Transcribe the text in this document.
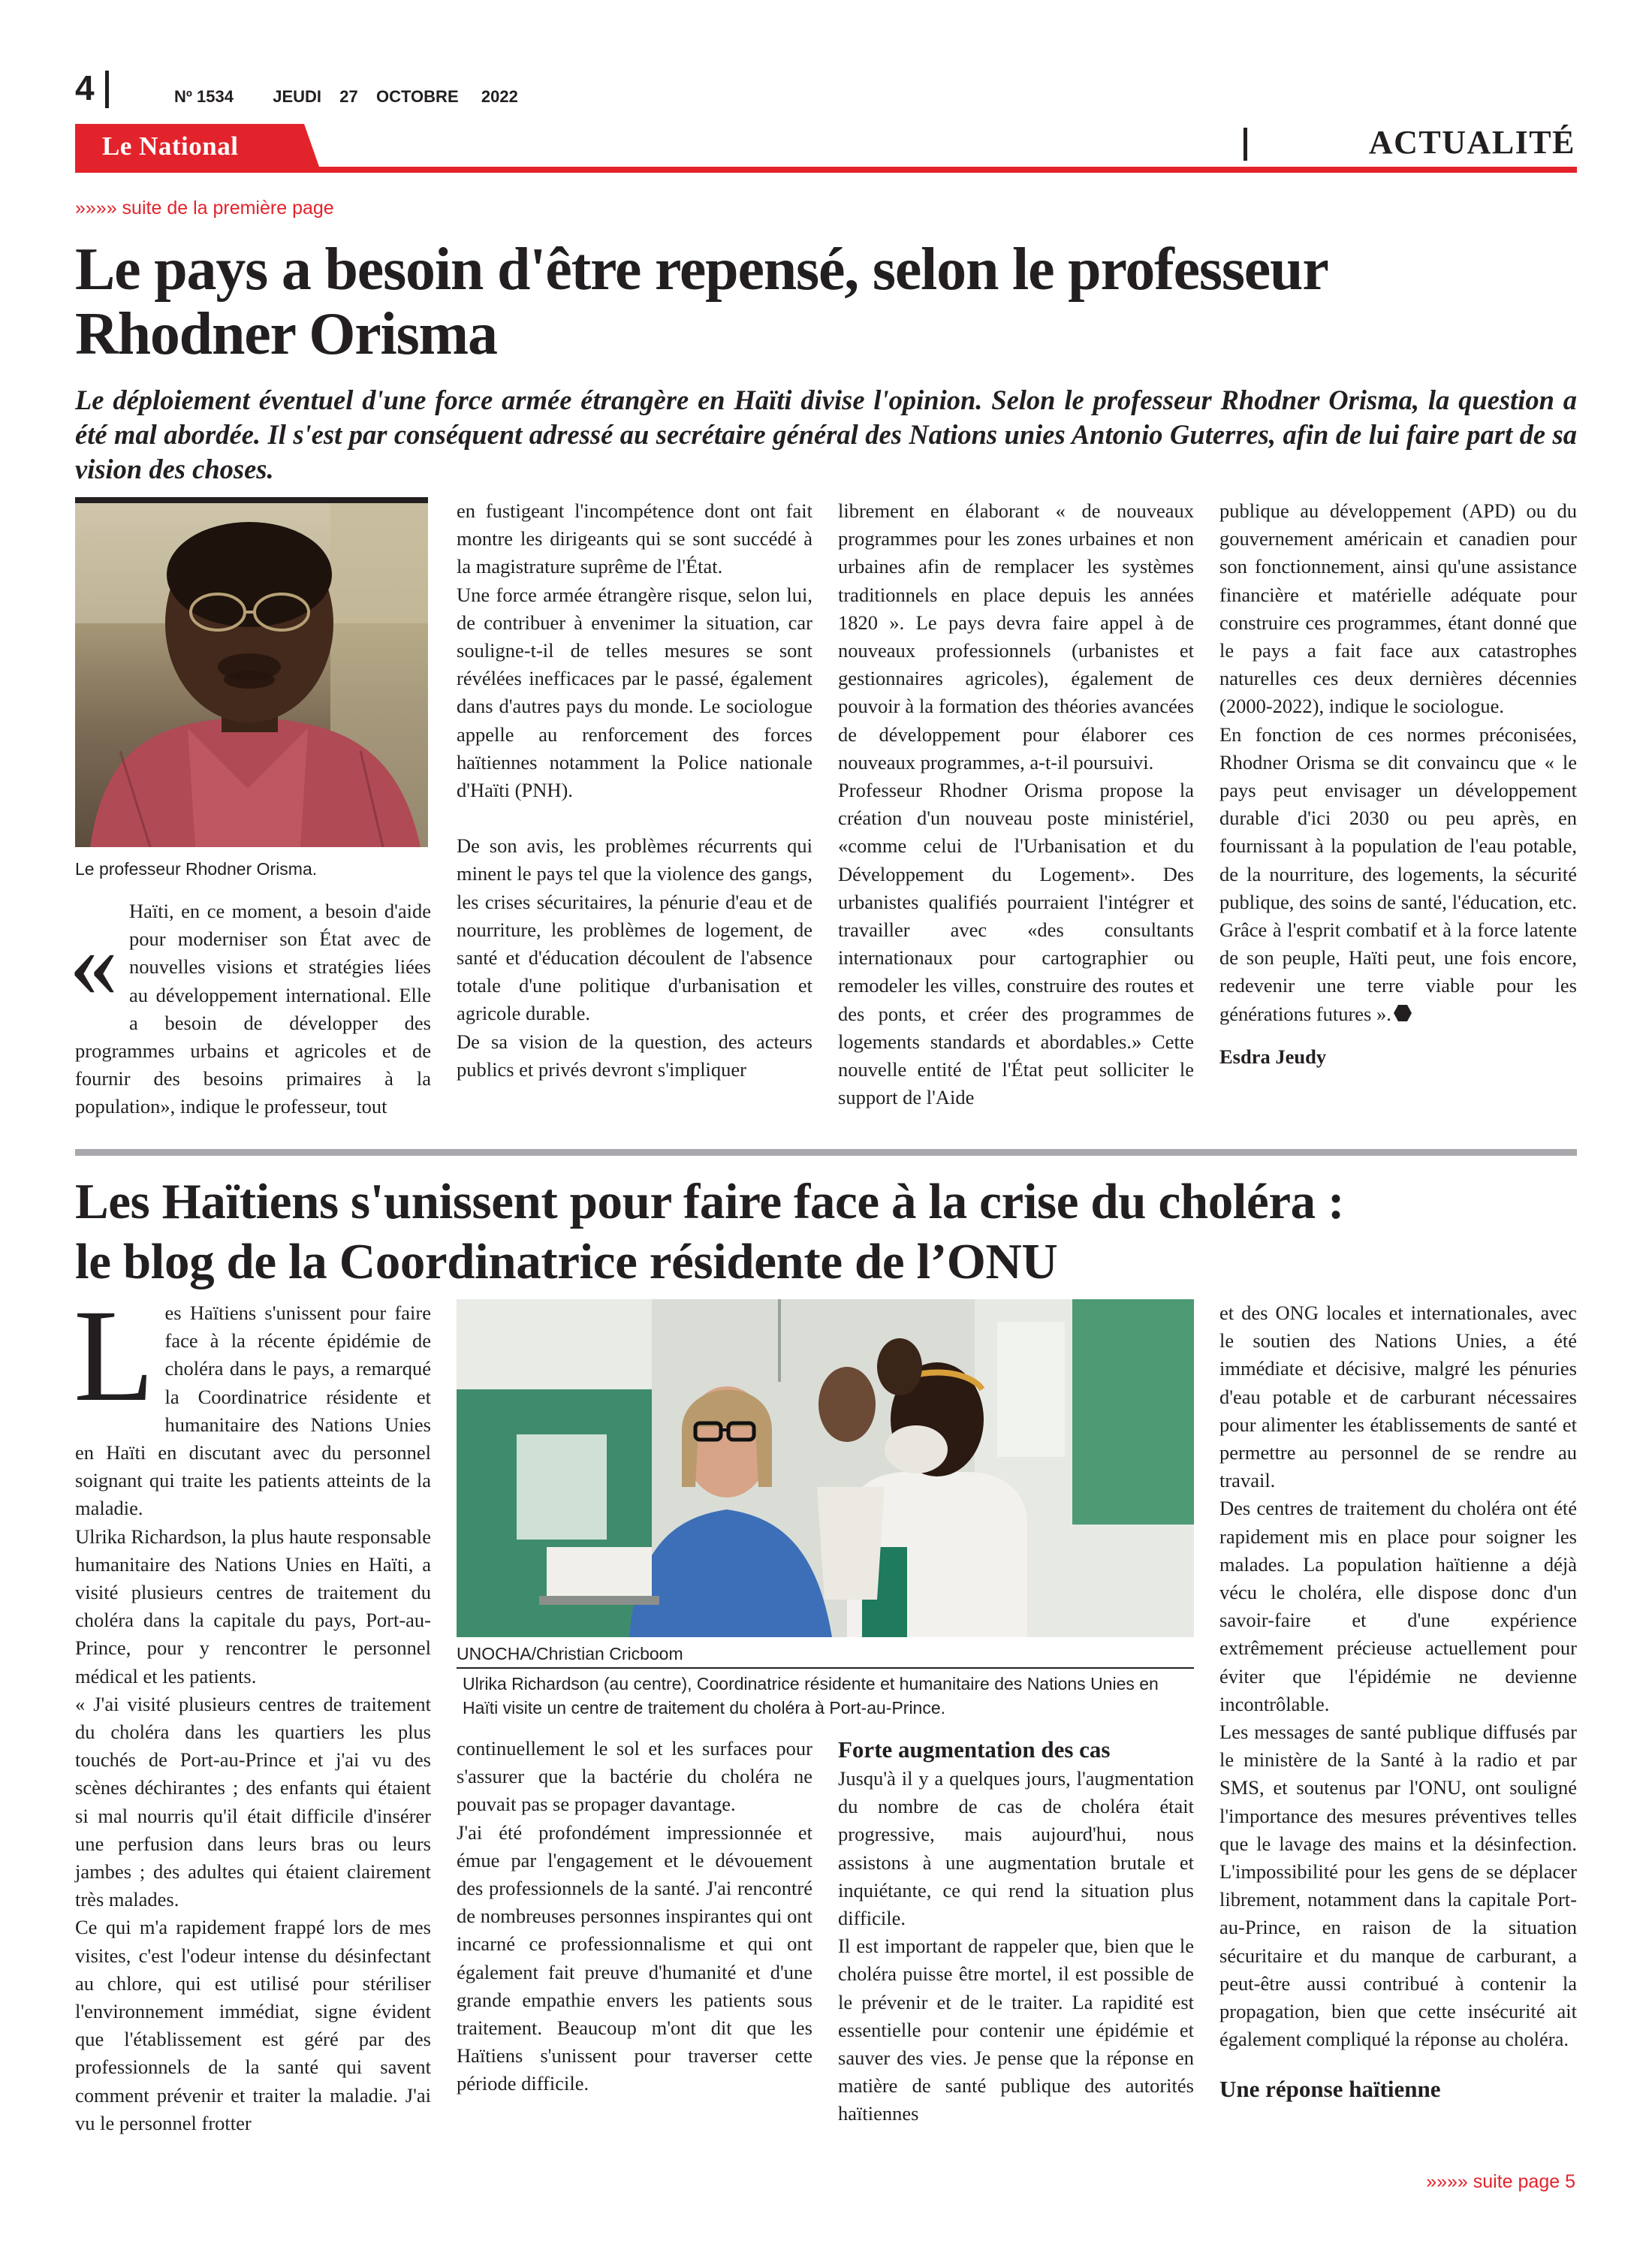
4	Nº 1534 JEUDI 27 OCTOBRE 2022
Le National	ACTUALITÉ
»»»» suite de la première page
Le pays a besoin d'être repensé, selon le professeur
Rhodner Orisma
Le déploiement éventuel d'une force armée étrangère en Haïti divise l'opinion. Selon le professeur Rhodner Orisma, la question a été mal abordée. Il s'est par conséquent adressé au secrétaire général des Nations unies Antonio Guterres, afin de lui faire part de sa vision des choses.
Le professeur Rhodner Orisma.
« Haïti, en ce moment, a besoin d'aide pour moderniser son État avec de nouvelles visions et stratégies liées au développement international. Elle a besoin de développer des programmes urbains et agricoles et de fournir des besoins primaires à la population», indique le professeur, tout

en fustigeant l'incompétence dont ont fait montre les dirigeants qui se sont succédé à la magistrature suprême de l'État.

Une force armée étrangère risque, selon lui, de contribuer à envenimer la situation, car souligne-t-il de telles mesures se sont révélées inefficaces par le passé, également dans d'autres pays du monde. Le sociologue appelle au renforcement des forces haïtiennes notamment la Police nationale d'Haïti (PNH).

De son avis, les problèmes récurrents qui minent le pays tel que la violence des gangs, les crises sécuritaires, la pénurie d'eau et de nourriture, les problèmes de logement, de santé et d'éducation découlent de l'absence totale d'une politique d'urbanisation et agricole durable.

De sa vision de la question, des acteurs publics et privés devront s'impliquer

librement en élaborant « de nouveaux programmes pour les zones urbaines et non urbaines afin de remplacer les systèmes traditionnels en place depuis les années 1820 ». Le pays devra faire appel à de nouveaux professionnels (urbanistes et gestionnaires agricoles), également de pouvoir à la formation des théories avancées de développement pour élaborer ces nouveaux programmes, a-t-il poursuivi.

Professeur Rhodner Orisma propose la création d'un nouveau poste ministériel, «comme celui de l'Urbanisation et du Développement du Logement». Des urbanistes qualifiés pourraient l'intégrer et travailler avec «des consultants internationaux pour cartographier ou remodeler les villes, construire des routes et des ponts, et créer des programmes de logements standards et abordables.» Cette nouvelle entité de l'État peut solliciter le support de l'Aide

publique au développement (APD) ou du gouvernement américain et canadien pour son fonctionnement, ainsi qu'une assistance financière et matérielle adéquate pour construire ces programmes, étant donné que le pays a fait face aux catastrophes naturelles ces deux dernières décennies (2000-2022), indique le sociologue.

En fonction de ces normes préconisées, Rhodner Orisma se dit convaincu que « le pays peut envisager un développement durable d'ici 2030 ou peu après, en fournissant à la population de l'eau potable, de la nourriture, des logements, la sécurité publique, des soins de santé, l'éducation, etc. Grâce à l'esprit combatif et à la force latente de son peuple, Haïti peut, une fois encore, redevenir une terre viable pour les générations futures ».

Esdra Jeudy

Les Haïtiens s'unissent pour faire face à la crise du choléra :
le blog de la Coordinatrice résidente de l’ONU
L es Haïtiens s'unissent pour faire face à la récente épidémie de choléra dans le pays, a remarqué la Coordinatrice résidente et humanitaire des Nations Unies en Haïti en discutant avec du personnel soignant qui traite les patients atteints de la maladie.

Ulrika Richardson, la plus haute responsable humanitaire des Nations Unies en Haïti, a visité plusieurs centres de traitement du choléra dans la capitale du pays, Port-au-Prince, pour y rencontrer le personnel médical et les patients.

« J'ai visité plusieurs centres de traitement du choléra dans les quartiers les plus touchés de Port-au-Prince et j'ai vu des scènes déchirantes ; des enfants qui étaient si mal nourris qu'il était difficile d'insérer une perfusion dans leurs bras ou leurs jambes ; des adultes qui étaient clairement très malades.

Ce qui m'a rapidement frappé lors de mes visites, c'est l'odeur intense du désinfectant au chlore, qui est utilisé pour stériliser l'environnement immédiat, signe évident que l'établissement est géré par des professionnels de la santé qui savent comment prévenir et traiter la maladie. J'ai vu le personnel frotter

UNOCHA/Christian Cricboom
Ulrika Richardson (au centre), Coordinatrice résidente et humanitaire des Nations Unies en Haïti visite un centre de traitement du choléra à Port-au-Prince.

continuellement le sol et les surfaces pour s'assurer que la bactérie du choléra ne pouvait pas se propager davantage.

J'ai été profondément impressionnée et émue par l'engagement et le dévouement des professionnels de la santé. J'ai rencontré de nombreuses personnes inspirantes qui ont incarné ce professionnalisme et qui ont également fait preuve d'humanité et d'une grande empathie envers les patients sous traitement. Beaucoup m'ont dit que les Haïtiens s'unissent pour traverser cette période difficile.

Forte augmentation des cas

Jusqu'à il y a quelques jours, l'augmentation du nombre de cas de choléra était progressive, mais aujourd'hui, nous assistons à une augmentation brutale et inquiétante, ce qui rend la situation plus difficile.

Il est important de rappeler que, bien que le choléra puisse être mortel, il est possible de le prévenir et de le traiter. La rapidité est essentielle pour contenir une épidémie et sauver des vies. Je pense que la réponse en matière de santé publique des autorités haïtiennes

et des ONG locales et internationales, avec le soutien des Nations Unies, a été immédiate et décisive, malgré les pénuries d'eau potable et de carburant nécessaires pour alimenter les établissements de santé et permettre au personnel de se rendre au travail.

Des centres de traitement du choléra ont été rapidement mis en place pour soigner les malades. La population haïtienne a déjà vécu le choléra, elle dispose donc d'un savoir-faire et d'une expérience extrêmement précieuse actuellement pour éviter que l'épidémie ne devienne incontrôlable.

Les messages de santé publique diffusés par le ministère de la Santé à la radio et par SMS, et soutenus par l'ONU, ont souligné l'importance des mesures préventives telles que le lavage des mains et la désinfection. L'impossibilité pour les gens de se déplacer librement, notamment dans la capitale Port-au-Prince, en raison de la situation sécuritaire et du manque de carburant, a peut-être aussi contribué à contenir la propagation, bien que cette insécurité ait également compliqué la réponse au choléra.

Une réponse haïtienne

»»»» suite page 5
